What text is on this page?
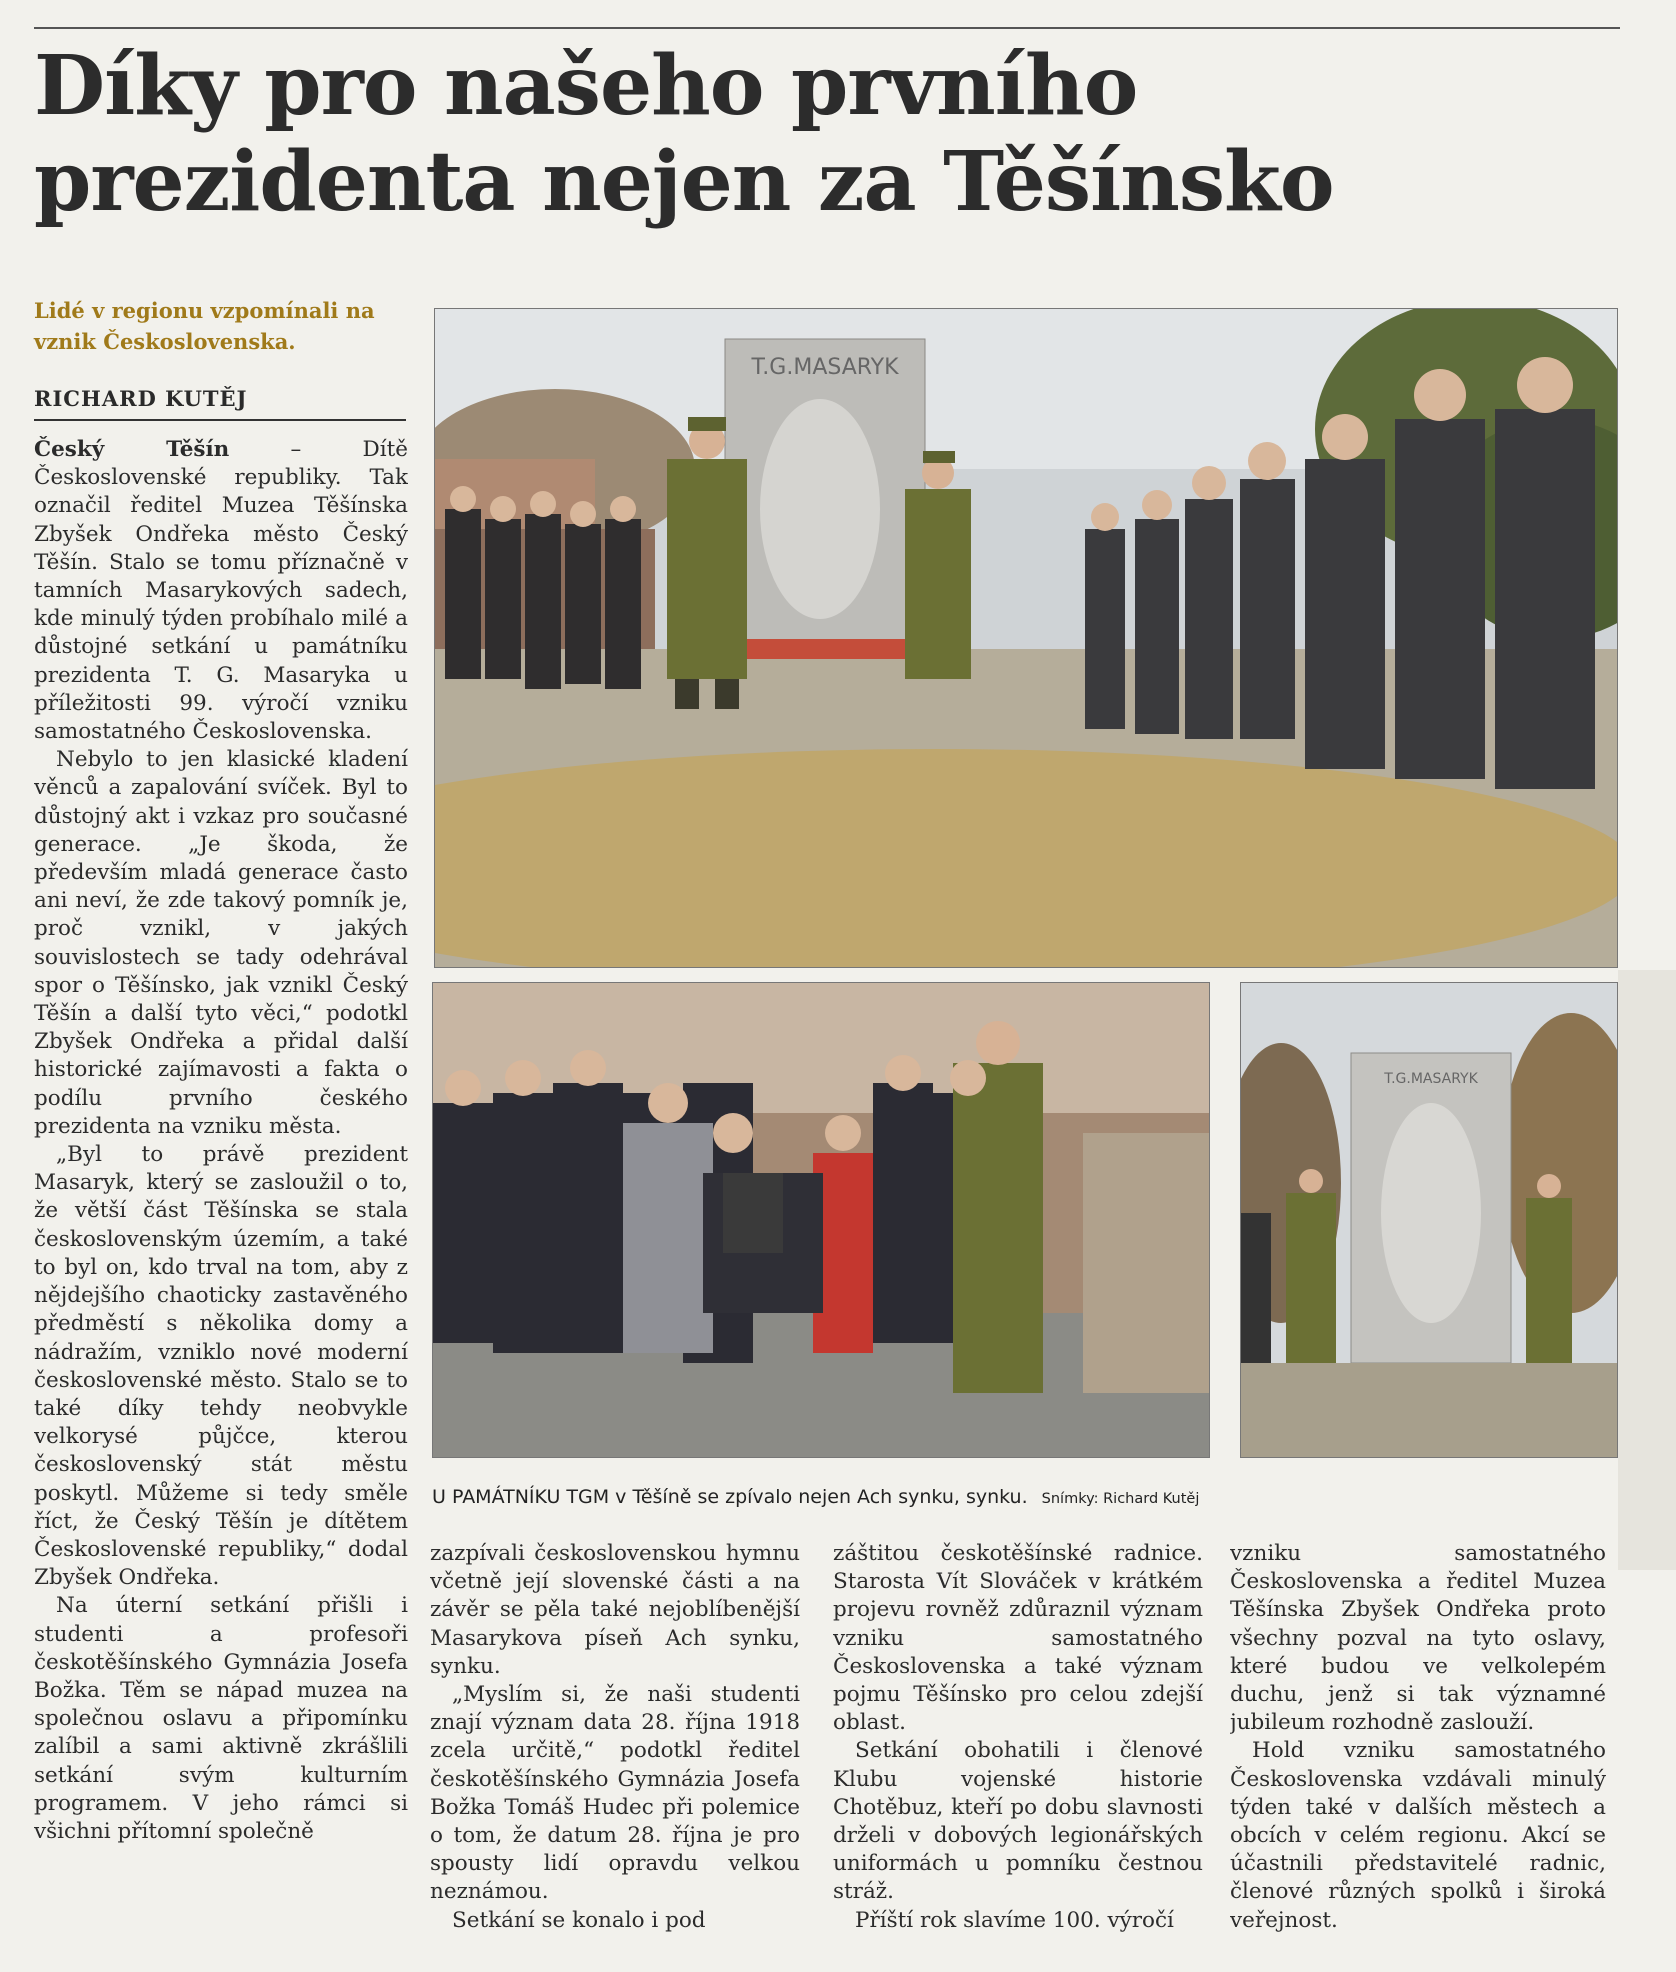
Díky pro našeho prvního prezidenta nejen za Těšínsko
Lidé v regionu vzpomínali na vznik Československa.
RICHARD KUTĚJ

Český Těšín – Dítě Československé republiky. Tak označil ředitel Muzea Těšínska Zbyšek Ondřeka město Český Těšín. Stalo se tomu příznačně v tamních Masarykových sadech, kde minulý týden probíhalo milé a důstojné setkání u památníku prezidenta T. G. Masaryka u příležitosti 99. výročí vzniku samostatného Československa.

Nebylo to jen klasické kladení věnců a zapalování svíček. Byl to důstojný akt i vzkaz pro současné generace. „Je škoda, že především mladá generace často ani neví, že zde takový pomník je, proč vznikl, v jakých souvislostech se tady odehrával spor o Těšínsko, jak vznikl Český Těšín a další tyto věci,“ podotkl Zbyšek Ondřeka a přidal další historické zajímavosti a fakta o podílu prvního českého prezidenta na vzniku města.

„Byl to právě prezident Masaryk, který se zasloužil o to, že větší část Těšínska se stala československým územím, a také to byl on, kdo trval na tom, aby z nějdejšího chaoticky zastavěného předměstí s několika domy a nádražím, vzniklo nové moderní československé město. Stalo se to také díky tehdy neobvykle velkorysé půjčce, kterou československý stát městu poskytl. Můžeme si tedy směle říct, že Český Těšín je dítětem Československé republiky,“ dodal Zbyšek Ondřeka.

Na úterní setkání přišli i studenti a profesoři českotěšínského Gymnázia Josefa Božka. Těm se nápad muzea na společnou oslavu a připomínku zalíbil a sami aktivně zkrášlili setkání svým kulturním programem. V jeho rámci si všichni přítomní společně

T.G.MASARYK
T.G.MASARYK
U PAMÁTNÍKU TGM v Těšíně se zpívalo nejen Ach synku, synku. Snímky: Richard Kutěj

zazpívali československou hymnu včetně její slovenské části a na závěr se pěla také nejoblíbenější Masarykova píseň Ach synku, synku.

„Myslím si, že naši studenti znají význam data 28. října 1918 zcela určitě,“ podotkl ředitel českotěšínského Gymnázia Josefa Božka Tomáš Hudec při polemice o tom, že datum 28. října je pro spousty lidí opravdu velkou neznámou.

Setkání se konalo i pod

záštitou českotěšínské radnice. Starosta Vít Slováček v krátkém projevu rovněž zdůraznil význam vzniku samostatného Československa a také význam pojmu Těšínsko pro celou zdejší oblast.

Setkání obohatili i členové Klubu vojenské historie Chotěbuz, kteří po dobu slavnosti drželi v dobových legionářských uniformách u pomníku čestnou stráž.

Příští rok slavíme 100. výročí

vzniku samostatného Československa a ředitel Muzea Těšínska Zbyšek Ondřeka proto všechny pozval na tyto oslavy, které budou ve velkolepém duchu, jenž si tak významné jubileum rozhodně zaslouží.

Hold vzniku samostatného Československa vzdávali minulý týden také v dalších městech a obcích v celém regionu. Akcí se účastnili představitelé radnic, členové různých spolků i široká veřejnost.
